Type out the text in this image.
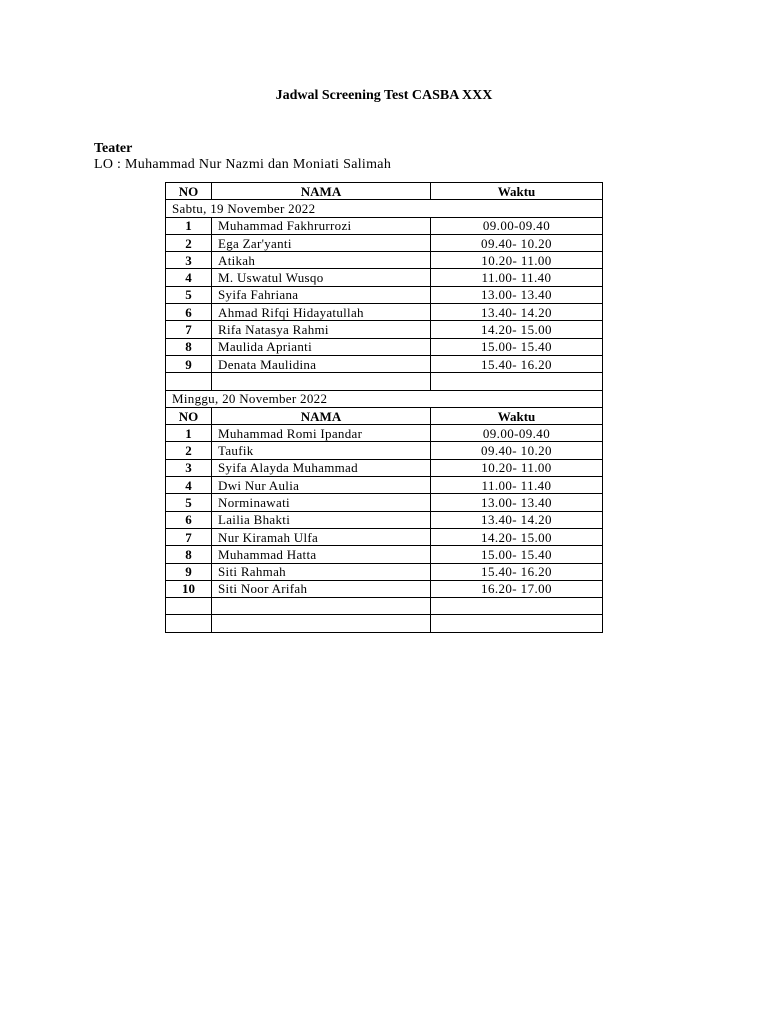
Jadwal Screening Test CASBA XXX
Teater
LO : Muhammad Nur Nazmi dan Moniati Salimah
NO	NAMA	Waktu
Sabtu, 19 November 2022		
1	Muhammad Fakhrurrozi	09.00-09.40
2	Ega Zar'yanti	09.40- 10.20
3	Atikah	10.20- 11.00
4	M. Uswatul Wusqo	11.00- 11.40
5	Syifa Fahriana	13.00- 13.40
6	Ahmad Rifqi Hidayatullah	13.40- 14.20
7	Rifa Natasya Rahmi	14.20- 15.00
8	Maulida Aprianti	15.00- 15.40
9	Denata Maulidina	15.40- 16.20

Minggu, 20 November 2022		
NO	NAMA	Waktu
1	Muhammad Romi Ipandar	09.00-09.40
2	Taufik	09.40- 10.20
3	Syifa Alayda Muhammad	10.20- 11.00
4	Dwi Nur Aulia	11.00- 11.40
5	Norminawati	13.00- 13.40
6	Lailia Bhakti	13.40- 14.20
7	Nur Kiramah Ulfa	14.20- 15.00
8	Muhammad Hatta	15.00- 15.40
9	Siti Rahmah	15.40- 16.20
10	Siti Noor Arifah	16.20- 17.00
